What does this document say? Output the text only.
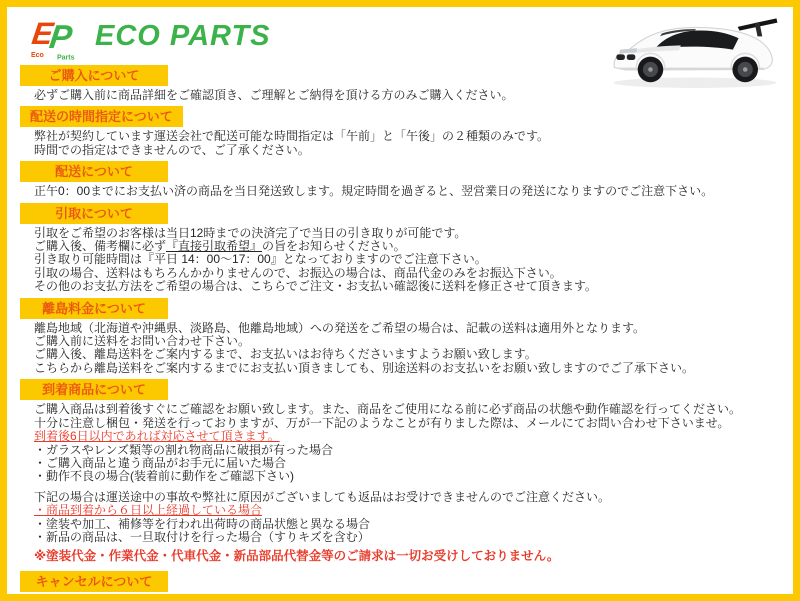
E
P
Eco Parts
ECO PARTS
ご購入について
必ずご購入前に商品詳細をご確認頂き、ご理解とご納得を頂ける方のみご購入ください。
配送の時間指定について
弊社が契約しています運送会社で配送可能な時間指定は「午前」と「午後」の２種類のみです。
時間での指定はできませんので、ご了承ください。
配送について
正午0：00までにお支払い済の商品を当日発送致します。規定時間を過ぎると、翌営業日の発送になりますのでご注意下さい。
引取について
引取をご希望のお客様は当日12時までの決済完了で当日の引き取りが可能です。
ご購入後、備考欄に必ず『直接引取希望』の旨をお知らせください。
引き取り可能時間は『平日 14：00～17：00』となっておりますのでご注意下さい。
引取の場合、送料はもちろんかかりませんので、お振込の場合は、商品代金のみをお振込下さい。
その他のお支払方法をご希望の場合は、こちらでご注文・お支払い確認後に送料を修正させて頂きます。
離島料金について
離島地域（北海道や沖縄県、淡路島、他離島地域）への発送をご希望の場合は、記載の送料は適用外となります。
ご購入前に送料をお問い合わせ下さい。
ご購入後、離島送料をご案内するまで、お支払いはお待ちくださいますようお願い致します。
こちらから離島送料をご案内するまでにお支払い頂きましても、別途送料のお支払いをお願い致しますのでご了承下さい。
到着商品について
ご購入商品は到着後すぐにご確認をお願い致します。また、商品をご使用になる前に必ず商品の状態や動作確認を行ってください。
十分に注意し梱包・発送を行っておりますが、万が一下記のようなことが有りました際は、メールにてお問い合わせ下さいませ。
到着後6日以内であれば対応させて頂きます。
・ガラスやレンズ類等の割れ物商品に破損が有った場合
・ご購入商品と違う商品がお手元に届いた場合
・動作不良の場合(装着前に動作をご確認下さい)
下記の場合は運送途中の事故や弊社に原因がございましても返品はお受けできませんのでご注意ください。
・商品到着から６日以上経過している場合
・塗装や加工、補修等を行われ出荷時の商品状態と異なる場合
・新品の商品は、一旦取付けを行った場合（すりキズを含む）
※塗装代金・作業代金・代車代金・新品部品代替金等のご請求は一切お受けしておりません。
キャンセルについて
ご注文後のキャンセルは、商品代金の８％をキャンセル料とさせていただきます。
